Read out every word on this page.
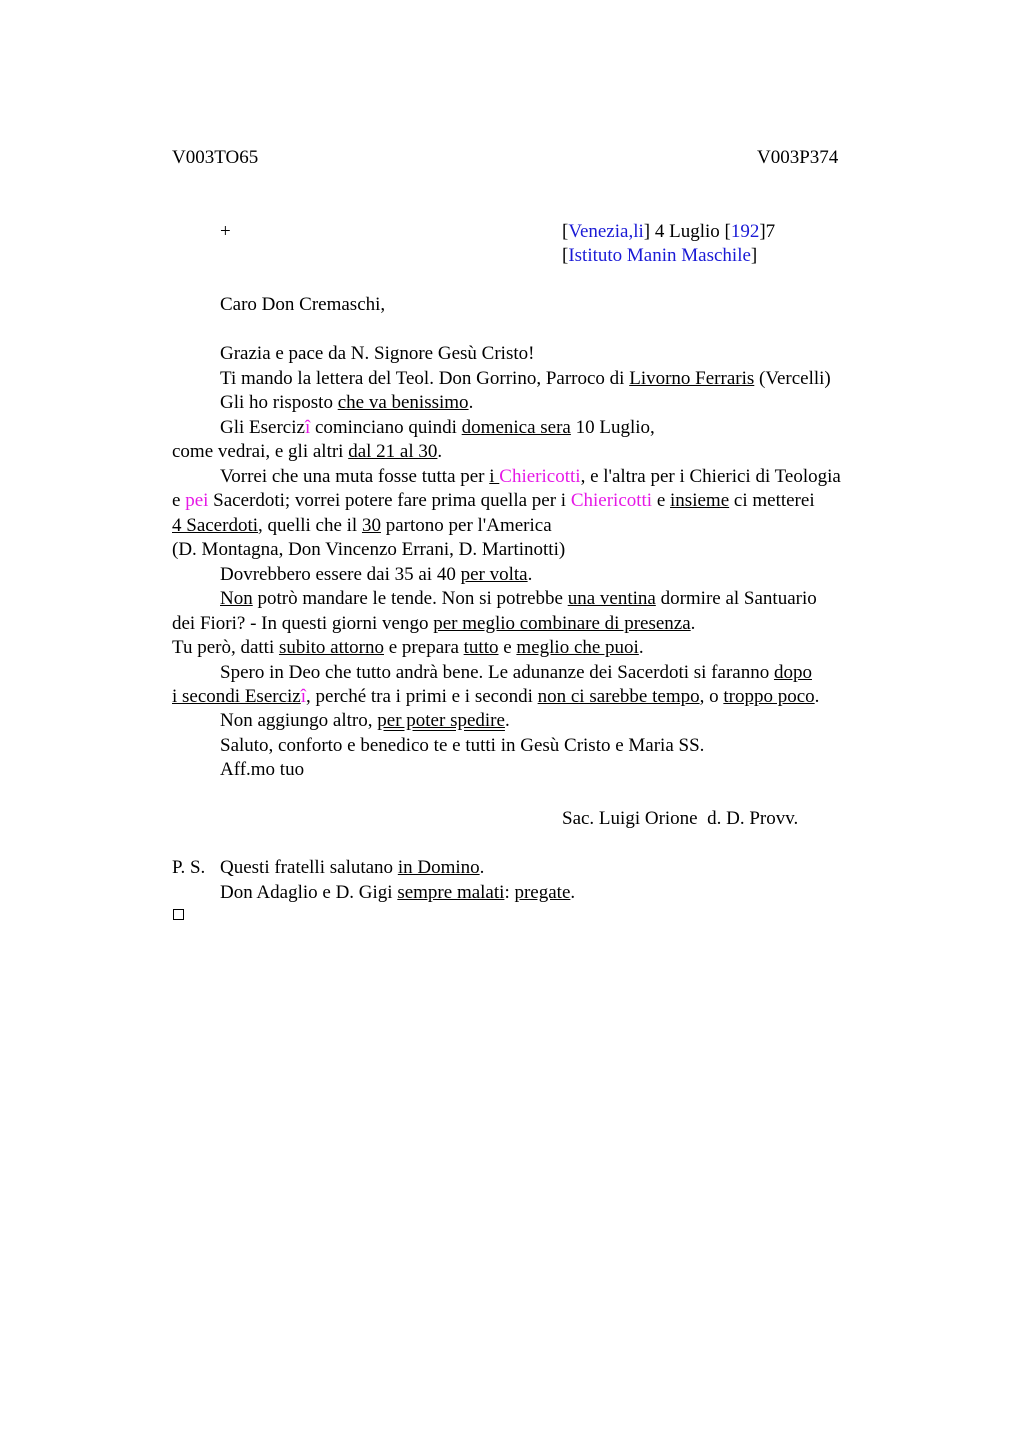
V003TO65	V003P374
+	[Venezia,li] 4 Luglio [192]7
[Istituto Manin Maschile]
Caro Don Cremaschi,
Grazia e pace da N. Signore Gesù Cristo!
Ti mando la lettera del Teol. Don Gorrino, Parroco di Livorno Ferraris (Vercelli)
Gli ho risposto che va benissimo.
Gli Esercizî cominciano quindi domenica sera 10 Luglio,
come vedrai, e gli altri dal 21 al 30.
Vorrei che una muta fosse tutta per i Chiericotti, e l'altra per i Chierici di Teologia
e pei Sacerdoti; vorrei potere fare prima quella per i Chiericotti e insieme ci metterei
4 Sacerdoti, quelli che il 30 partono per l'America
(D. Montagna, Don Vincenzo Errani, D. Martinotti)
Dovrebbero essere dai 35 ai 40 per volta.
Non potrò mandare le tende. Non si potrebbe una ventina dormire al Santuario
dei Fiori? - In questi giorni vengo per meglio combinare di presenza.
Tu però, datti subito attorno e prepara tutto e meglio che puoi.
Spero in Deo che tutto andrà bene. Le adunanze dei Sacerdoti si faranno dopo
i secondi Esercizî, perché tra i primi e i secondi non ci sarebbe tempo, o troppo poco.
Non aggiungo altro, per poter spedire.
Saluto, conforto e benedico te e tutti in Gesù Cristo e Maria SS.
Aff.mo tuo
Sac. Luigi Orione  d. D. Provv.
P. S. Questi fratelli salutano in Domino.
Don Adaglio e D. Gigi sempre malati: pregate.
